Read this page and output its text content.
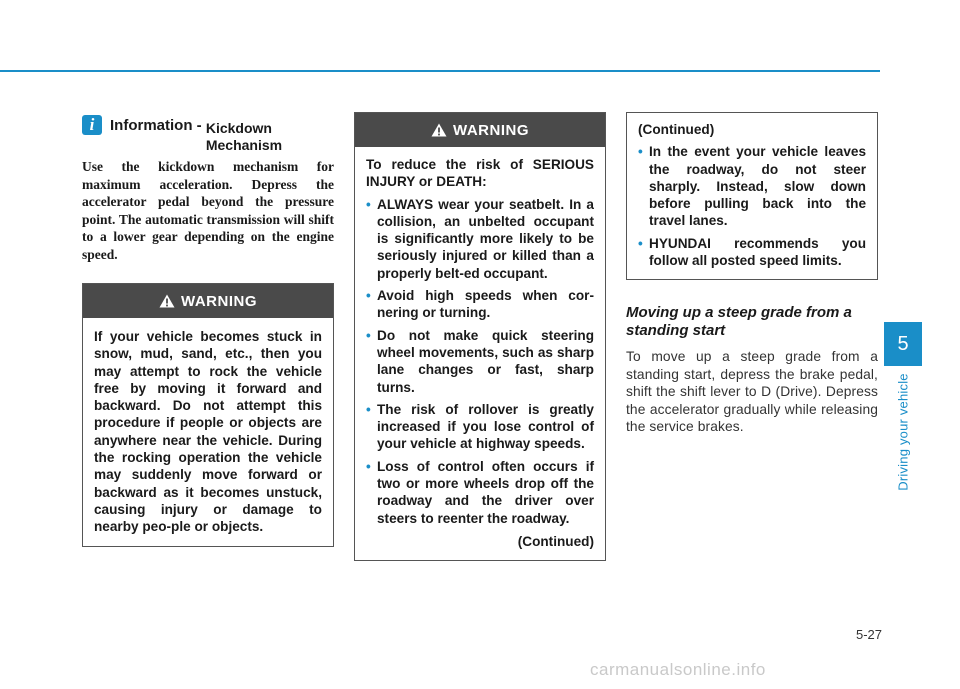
i	Information - Kickdown Mechanism

Use the kickdown mechanism for maximum acceleration. Depress the accelerator pedal beyond the pressure point. The automatic transmission will shift to a lower gear depending on the engine speed.

WARNING

If your vehicle becomes stuck in snow, mud, sand, etc., then you may attempt to rock the vehicle free by moving it forward and backward. Do not attempt this procedure if people or objects are anywhere near the vehicle. During the rocking operation the vehicle may suddenly move forward or backward as it becomes unstuck, causing injury or damage to nearby peo-ple or objects.

WARNING

To reduce the risk of SERIOUS INJURY or DEATH:

• ALWAYS wear your seatbelt. In a collision, an unbelted occupant is significantly more likely to be seriously injured or killed than a properly belt-ed occupant.
• Avoid high speeds when cor-nering or turning.
• Do not make quick steering wheel movements, such as sharp lane changes or fast, sharp turns.
• The risk of rollover is greatly increased if you lose control of your vehicle at highway speeds.
• Loss of control often occurs if two or more wheels drop off the roadway and the driver over steers to reenter the roadway.

(Continued)

(Continued)

• In the event your vehicle leaves the roadway, do not steer sharply. Instead, slow down before pulling back into the travel lanes.
• HYUNDAI recommends you follow all posted speed limits.
Moving up a steep grade from a standing start

To move up a steep grade from a standing start, depress the brake pedal, shift the shift lever to D (Drive). Depress the accelerator gradually while releasing the service brakes.

5
Driving your vehicle
5-27
carmanualsonline.info
